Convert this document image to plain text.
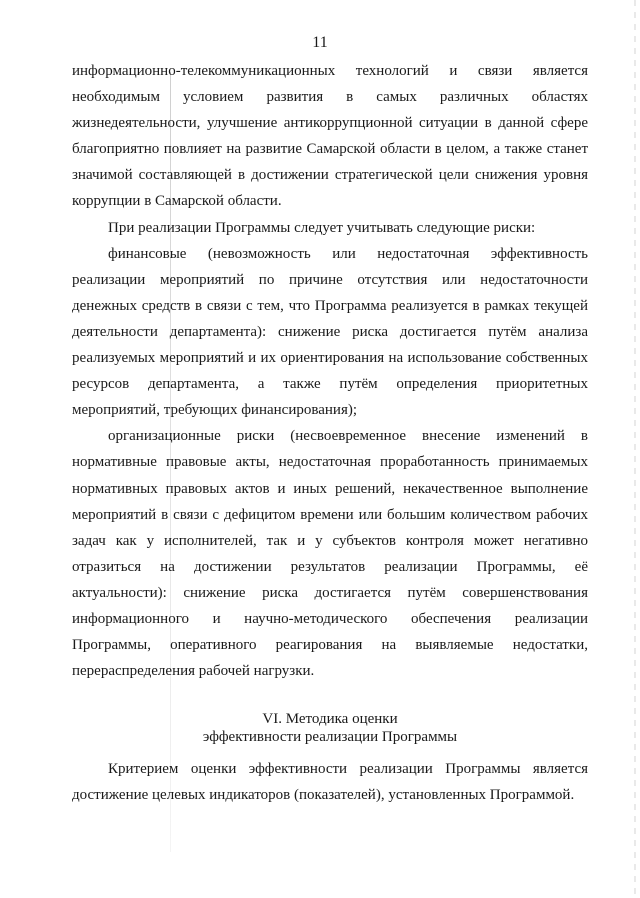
11

информационно-телекоммуникационных технологий и связи является необходимым условием развития в самых различных областях жизнедеятельности, улучшение антикоррупционной ситуации в данной сфере благоприятно повлияет на развитие Самарской области в целом, а также станет значимой составляющей в достижении стратегической цели снижения уровня коррупции в Самарской области.

При реализации Программы следует учитывать следующие риски:

финансовые (невозможность или недостаточная эффективность реализации мероприятий по причине отсутствия или недостаточности денежных средств в связи с тем, что Программа реализуется в рамках текущей деятельности департамента): снижение риска достигается путём анализа реализуемых мероприятий и их ориентирования на использование собственных ресурсов департамента, а также путём определения приоритетных мероприятий, требующих финансирования);

организационные риски (несвоевременное внесение изменений в нормативные правовые акты, недостаточная проработанность принимаемых нормативных правовых актов и иных решений, некачественное выполнение мероприятий в связи с дефицитом времени или большим количеством рабочих задач как у исполнителей, так и у субъектов контроля может негативно отразиться на достижении результатов реализации Программы, её актуальности): снижение риска достигается путём совершенствования информационного и научно-методического обеспечения реализации Программы, оперативного реагирования на выявляемые недостатки, перераспределения рабочей нагрузки.

VI. Методика оценки
эффективности реализации Программы

Критерием оценки эффективности реализации Программы является достижение целевых индикаторов (показателей), установленных Программой.
